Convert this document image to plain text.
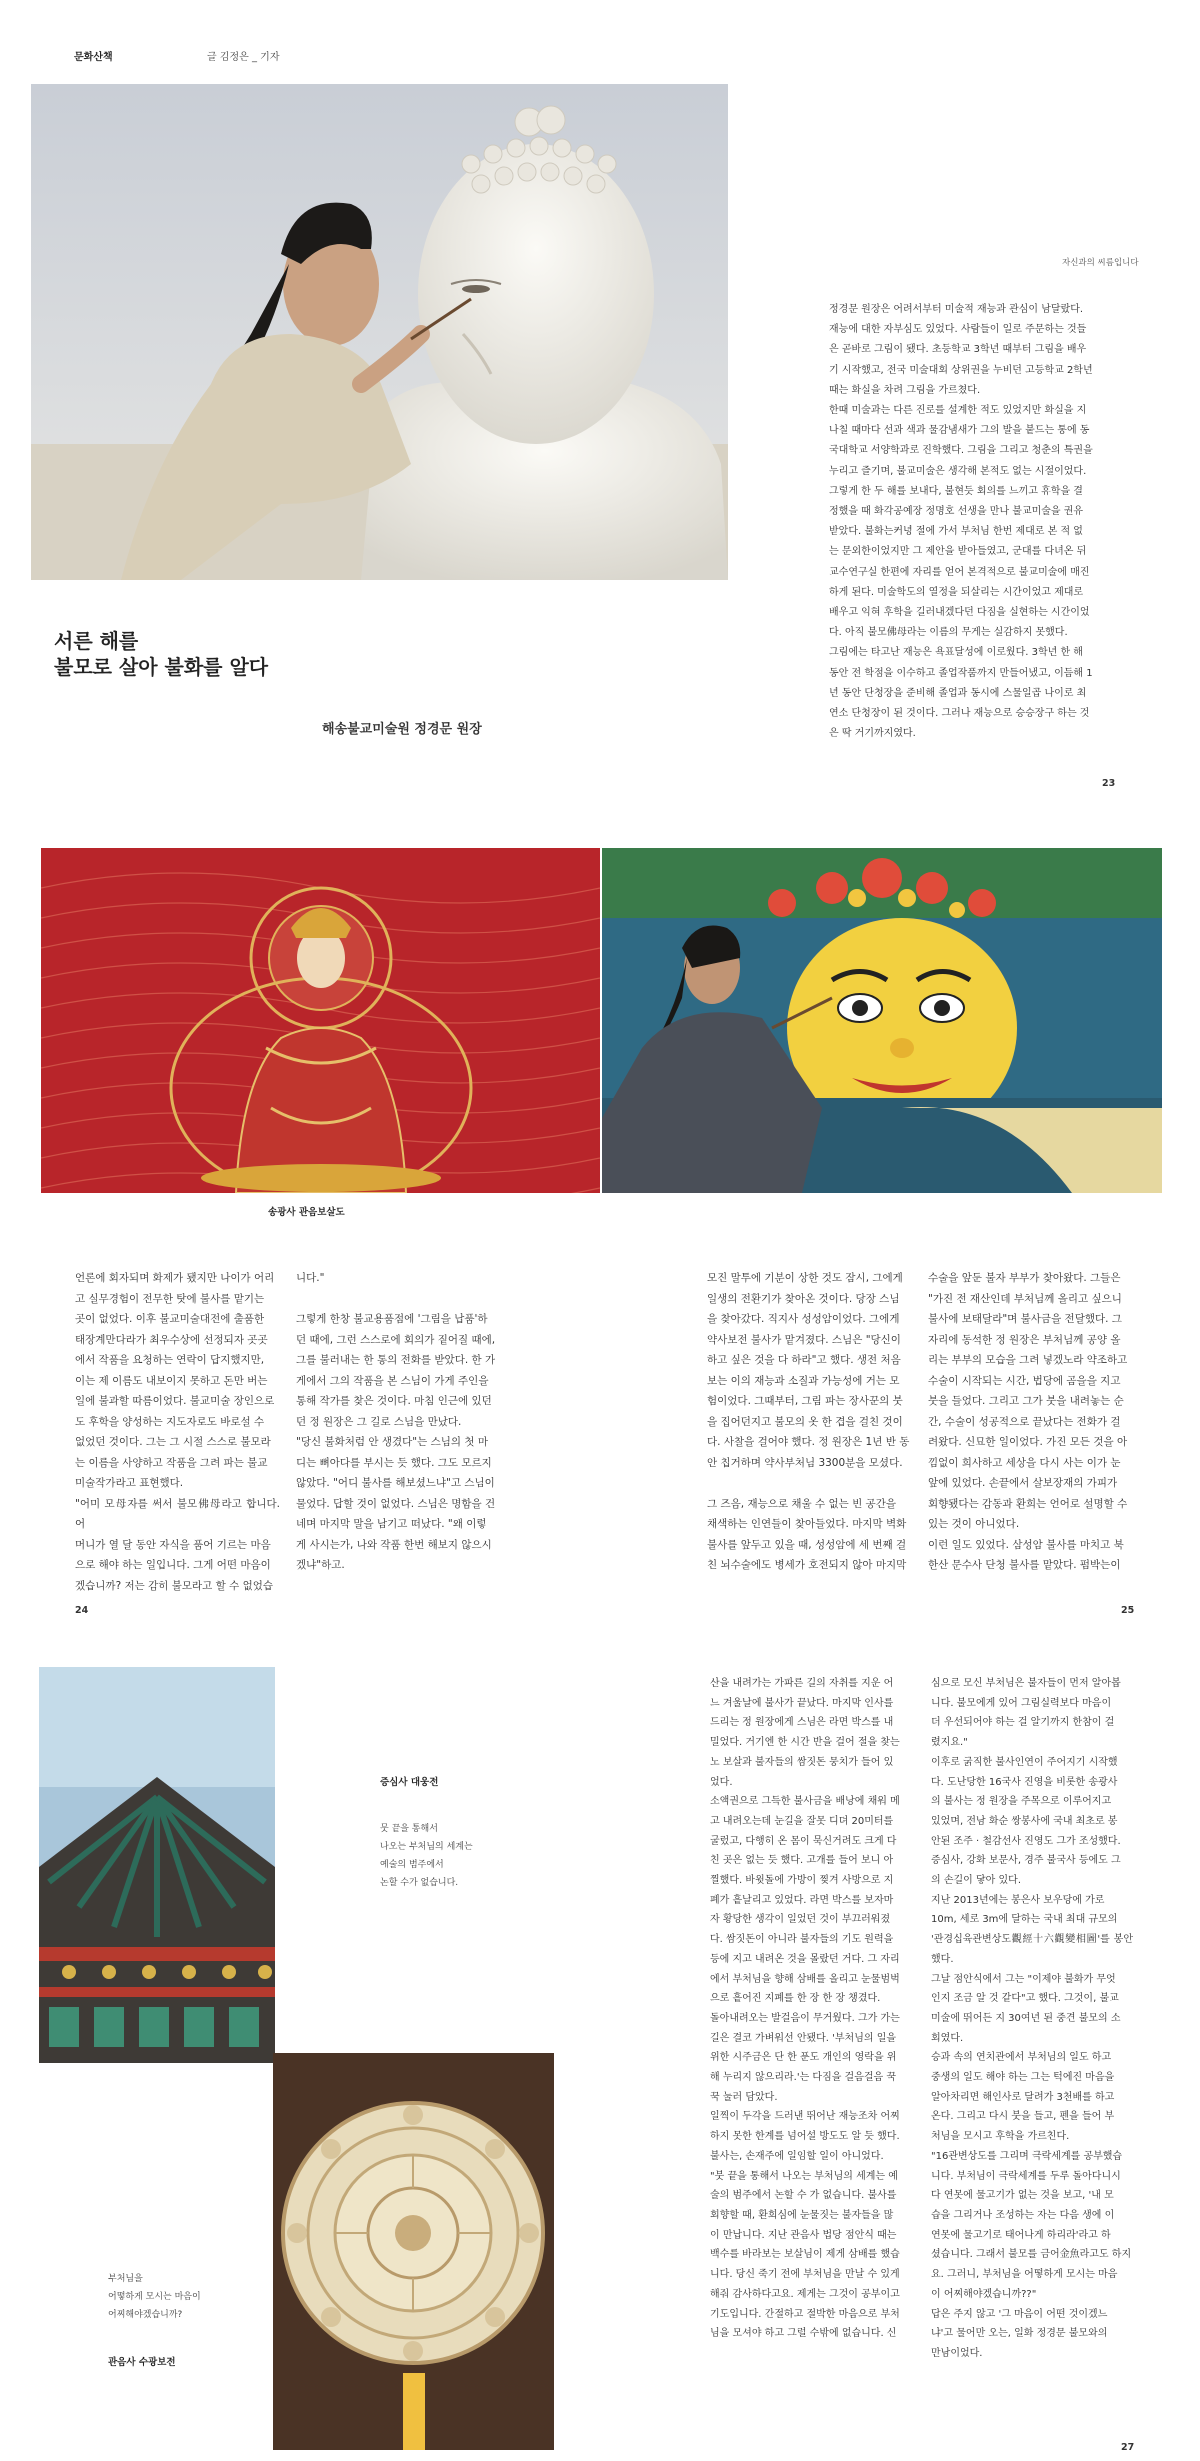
문화산책	글 김정은 _ 기자
자신과의 씨름입니다
서른 해를
불모로 살아 불화를 알다
해송불교미술원 정경문 원장
정경문 원장은 어려서부터 미술적 재능과 관심이 남달랐다.
재능에 대한 자부심도 있었다. 사람들이 일로 주문하는 것들
은 곧바로 그림이 됐다. 초등학교 3학년 때부터 그림을 배우
기 시작했고, 전국 미술대회 상위권을 누비던 고등학교 2학년
때는 화실을 차려 그림을 가르쳤다.
한때 미술과는 다른 진로를 설계한 적도 있었지만 화실을 지
나칠 때마다 선과 색과 물감냄새가 그의 발을 붙드는 통에 동
국대학교 서양학과로 진학했다. 그림을 그리고 청춘의 특권을
누리고 즐기며, 불교미술은 생각해 본적도 없는 시절이었다.
그렇게 한 두 해를 보내다, 불현듯 회의를 느끼고 휴학을 결
정했을 때 화각공예장 정명호 선생을 만나 불교미술을 권유
받았다. 불화는커녕 절에 가서 부처님 한번 제대로 본 적 없
는 문외한이었지만 그 제안을 받아들였고, 군대를 다녀온 뒤
교수연구실 한편에 자리를 얻어 본격적으로 불교미술에 매진
하게 된다. 미술학도의 열정을 되살리는 시간이었고 제대로
배우고 익혀 후학을 길러내겠다던 다짐을 실현하는 시간이었
다. 아직 불모佛母라는 이름의 무게는 실감하지 못했다.
그림에는 타고난 재능은 욕표달성에 이로웠다. 3학년 한 해
동안 전 학점을 이수하고 졸업작품까지 만들어냈고, 이듬해 1
년 동안 단청장을 준비해 졸업과 동시에 스물일곱 나이로 최
연소 단청장이 된 것이다. 그러나 재능으로 승승장구 하는 것
은 딱 거기까지였다.
23
송광사 관음보살도
언론에 회자되며 화제가 됐지만 나이가 어리
고 실무경험이 전무한 탓에 불사를 맡기는
곳이 없었다. 이후 불교미술대전에 출품한
태장계만다라가 최우수상에 선정되자 곳곳
에서 작품을 요청하는 연락이 답지했지만,
이는 제 이름도 내보이지 못하고 돈만 버는
일에 불과할 따름이었다. 불교미술 장인으로
도 후학을 양성하는 지도자로도 바로설 수
없었던 것이다. 그는 그 시절 스스로 불모라
는 이름을 사양하고 작품을 그려 파는 불교
미술작가라고 표현했다.
"어미 모母자를 써서 불모佛母라고 합니다. 어
머니가 열 달 동안 자식을 품어 기르는 마음
으로 해야 하는 일입니다. 그게 어떤 마음이
겠습니까? 저는 감히 불모라고 할 수 없었습
니다."

그렇게 한창 불교용품점에 '그림을 납품'하
던 때에, 그런 스스로에 회의가 짙어질 때에,
그를 불러내는 한 통의 전화를 받았다. 한 가
게에서 그의 작품을 본 스님이 가게 주인을
통해 작가를 찾은 것이다. 마침 인근에 있던
던 정 원장은 그 길로 스님을 만났다.
"당신 불화처럼 안 생겼다"는 스님의 첫 마
디는 뼈아다를 부시는 듯 했다. 그도 모르지
않았다. "어디 불사를 해보셨느냐"고 스님이
물었다. 답할 것이 없었다. 스님은 명함을 건
네며 마지막 말을 남기고 떠났다. "왜 이렇
게 사시는가, 나와 작품 한번 해보지 않으시
겠냐"하고.
모진 말투에 기분이 상한 것도 잠시, 그에게
일생의 전환기가 찾아온 것이다. 당장 스님
을 찾아갔다. 직지사 성성암이었다. 그에게
약사보전 불사가 맡겨졌다. 스님은 "당신이
하고 싶은 것을 다 하라"고 했다. 생전 처음
보는 이의 재능과 소질과 가능성에 거는 모
험이었다. 그때부터, 그림 파는 장사꾼의 붓
을 집어던지고 불모의 옷 한 겹을 걸친 것이
다. 사찰을 걸어야 했다. 정 원장은 1년 반 동
안 칩거하며 약사부처님 3300분을 모셨다.

그 즈음, 재능으로 채울 수 없는 빈 공간을
채색하는 인연들이 찾아들었다. 마지막 벽화
불사를 앞두고 있을 때, 성성암에 세 번째 걸
친 뇌수술에도 병세가 호전되지 않아 마지막
수술을 앞둔 불자 부부가 찾아왔다. 그들은
"가진 전 재산인데 부처님께 올리고 싶으니
불사에 보태달라"며 불사금을 전달했다. 그
자리에 동석한 정 원장은 부처님께 공양 올
리는 부부의 모습을 그려 넣겠노라 약조하고
수술이 시작되는 시간, 법당에 곰을을 지고
붓을 들었다. 그리고 그가 붓을 내려놓는 순
간, 수술이 성공적으로 끝났다는 전화가 걸
려왔다. 신묘한 일이었다. 가진 모든 것을 아
낌없이 희사하고 세상을 다시 사는 이가 눈
앞에 있었다. 손끝에서 살보장재의 가피가
회향됐다는 감동과 환희는 언어로 설명할 수
있는 것이 아니었다.
이런 일도 있었다. 삼성암 불사를 마치고 북
한산 문수사 단청 불사를 맡았다. 펌박는이
24	25
증심사 대웅전
뭇 끝을 통해서
나오는 부처님의 세계는
예술의 범주에서
논할 수가 없습니다.
부처님을
어떻하게 모시는 마음이
어찌해야겠습니까?
관음사 수광보전
산을 내려가는 가파른 길의 자취를 지운 어
느 겨울날에 불사가 끝났다. 마지막 인사를
드리는 정 원장에게 스님은 라면 박스를 내
밀었다. 거기엔 한 시간 반을 걸어 절을 찾는
노 보살과 불자들의 쌈짓돈 뭉치가 들어 있
었다.
소액권으로 그득한 불사금을 배낭에 채워 메
고 내려오는데 눈길을 잘못 디뎌 20미터를
굴렀고, 다행히 온 몸이 묵신거려도 크게 다
친 곳은 없는 듯 했다. 고개를 들어 보니 아
찔했다. 바윗돌에 가방이 찢겨 사방으로 지
폐가 흩날리고 있었다. 라면 박스를 보자마
자 황당한 생각이 일었던 것이 부끄러워졌
다. 쌈짓돈이 아니라 불자들의 기도 원력을
등에 지고 내려온 것을 몰랐던 거다. 그 자리
에서 부처님을 향해 삼배를 올리고 눈물범벅
으로 흩어진 지폐를 한 장 한 장 챙겼다.
돌아내려오는 발걸음이 무거웠다. 그가 가는
길은 결코 가벼워선 안됐다. '부처님의 일을
위한 시주금은 단 한 푼도 개인의 영락을 위
해 누리지 않으리라.'는 다짐을 걸음걸음 꾹
꾹 눌러 담았다.
일찍이 두각을 드러낸 뛰어난 재능조차 어찌
하지 못한 한계를 넘어설 방도도 알 듯 했다.
불사는, 손재주에 일임할 일이 아니었다.
"붓 끝을 통해서 나오는 부처님의 세계는 예
술의 범주에서 논할 수 가 없습니다. 불사를
회향할 때, 환희심에 눈물짓는 불자들을 많
이 만납니다. 지난 관음사 법당 점안식 때는
백수를 바라보는 보살님이 제게 삼배를 했습
니다. 당신 죽기 전에 부처님을 만날 수 있게
해줘 감사하다고요. 제게는 그것이 공부이고
기도입니다. 간절하고 절박한 마음으로 부처
님을 모셔야 하고 그럴 수밖에 없습니다. 신
심으로 모신 부처님은 불자들이 먼저 알아봅
니다. 불모에게 있어 그림실력보다 마음이
더 우선되어야 하는 걸 알기까지 한참이 걸
렸지요."
이후로 굵직한 불사인연이 주어지기 시작했
다. 도난당한 16국사 진영을 비롯한 송광사
의 불사는 정 원장을 주목으로 이루어지고
있었며, 전남 화순 쌍봉사에 국내 최초로 봉
안된 조주 · 철감선사 진영도 그가 조성했다.
증심사, 강화 보문사, 경주 불국사 등에도 그
의 손길이 닿아 있다.
지난 2013년에는 봉은사 보우당에 가로
10m, 세로 3m에 달하는 국내 최대 규모의
'관경십육관변상도觀經十六觀變相圖'를 봉안했다.
그날 점안식에서 그는 "이제야 불화가 무엇
인지 조금 알 것 같다"고 했다. 그것이, 불교
미술에 뛰어든 지 30여년 된 중견 불모의 소
회였다.
승과 속의 연치관에서 부처님의 일도 하고
중생의 일도 해야 하는 그는 턱에진 마음을
알아차리면 해인사로 달려가 3천배를 하고
온다. 그리고 다시 붓을 들고, 펜을 들어 부
처님을 모시고 후학을 가르친다.
"16관변상도를 그리며 극락세계를 공부했습
니다. 부처님이 극락세계를 두루 돌아다니시
다 연못에 물고기가 없는 것을 보고, '내 모
습을 그리거나 조성하는 자는 다음 생에 이
연못에 물고기로 태어나게 하리라'라고 하
셨습니다. 그래서 불모를 금어金魚라고도 하지
요. 그러니, 부처님을 어떻하게 모시는 마음
이 어찌해야겠습니까??"
답은 주지 않고 '그 마음이 어떤 것이겠느
냐'고 물어만 오는, 일화 정경문 불모와의
만남이었다.
27
